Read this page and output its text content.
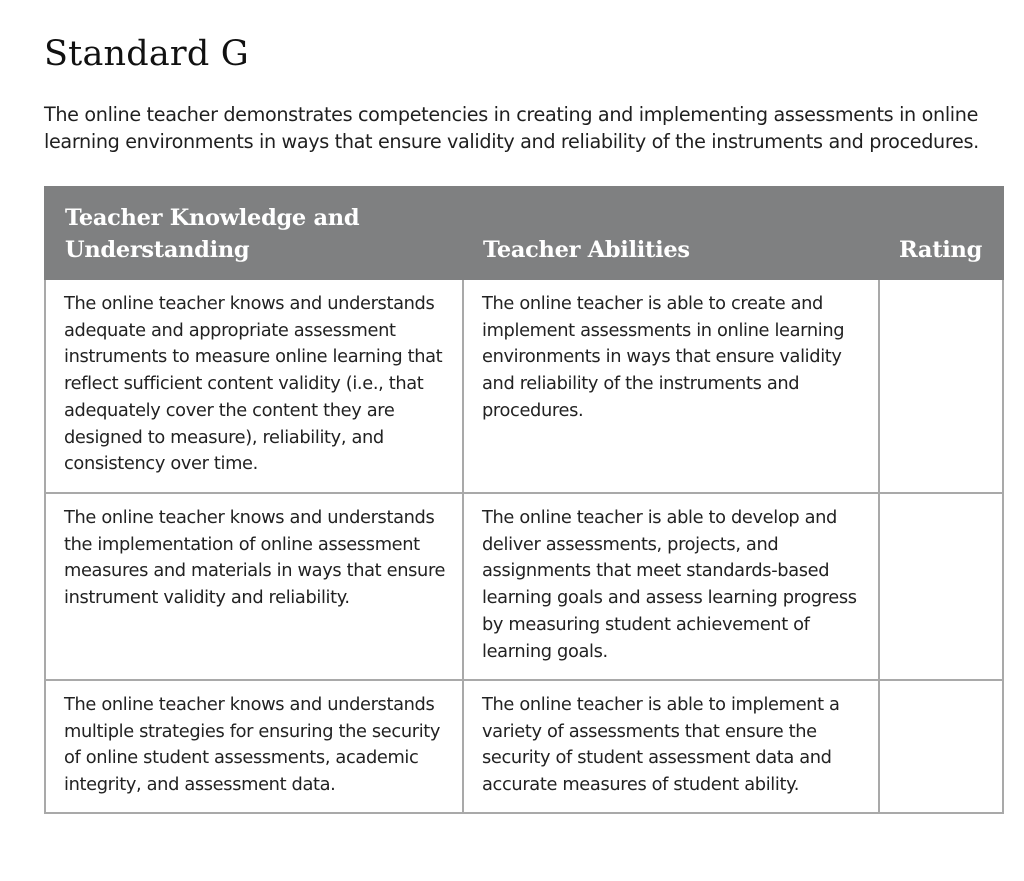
Standard G

The online teacher demonstrates competencies in creating and implementing assessments in online learning environments in ways that ensure validity and reliability of the instruments and procedures.

Teacher Knowledge and
Understanding	Teacher Abilities	Rating
The online teacher knows and understands adequate and appropriate assessment instruments to measure online learning that reflect sufficient content validity (i.e., that adequately cover the content they are designed to measure), reliability, and consistency over time.	The online teacher is able to create and implement assessments in online learning environments in ways that ensure validity and reliability of the instruments and procedures.	
The online teacher knows and understands the implementation of online assessment measures and materials in ways that ensure instrument validity and reliability.	The online teacher is able to develop and deliver assessments, projects, and assignments that meet standards-based learning goals and assess learning progress by measuring student achievement of learning goals.	
The online teacher knows and understands multiple strategies for ensuring the security of online student assessments, academic integrity, and assessment data.	The online teacher is able to implement a variety of assessments that ensure the security of student assessment data and accurate measures of student ability.	
